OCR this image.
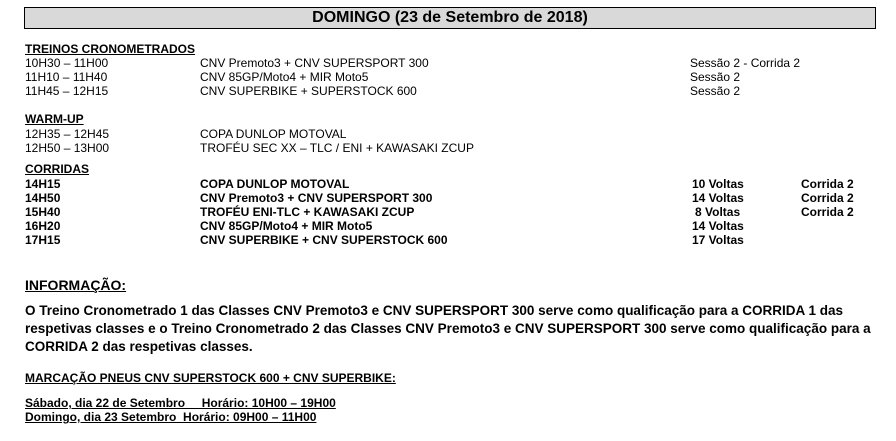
DOMINGO (23 de Setembro de 2018)
TREINOS CRONOMETRADOS
10H30 – 11H00	CNV Premoto3 + CNV SUPERSPORT 300	Sessão 2 - Corrida 2
11H10 – 11H40	CNV 85GP/Moto4 + MIR Moto5	Sessão 2
11H45 – 12H15	CNV SUPERBIKE + SUPERSTOCK 600	Sessão 2
WARM-UP
12H35 – 12H45	COPA DUNLOP MOTOVAL
12H50 – 13H00	TROFÉU SEC XX – TLC / ENI + KAWASAKI ZCUP
CORRIDAS
14H15	COPA DUNLOP MOTOVAL	10 Voltas	Corrida 2
14H50	CNV Premoto3 + CNV SUPERSPORT 300	14 Voltas	Corrida 2
15H40	TROFÉU ENI-TLC + KAWASAKI ZCUP	8 Voltas	Corrida 2
16H20	CNV 85GP/Moto4 + MIR Moto5	14 Voltas
17H15	CNV SUPERBIKE + CNV SUPERSTOCK 600	17 Voltas
INFORMAÇÃO:

O Treino Cronometrado 1 das Classes CNV Premoto3 e CNV SUPERSPORT 300 serve como qualificação para a CORRIDA 1 das respetivas classes e o Treino Cronometrado 2 das Classes CNV Premoto3 e CNV SUPERSPORT 300 serve como qualificação para a CORRIDA 2 das respetivas classes.

MARCAÇÃO PNEUS CNV SUPERSTOCK 600 + CNV SUPERBIKE:
Sábado, dia 22 de Setembro     Horário: 10H00 – 19H00
Domingo, dia 23 Setembro  Horário: 09H00 – 11H00
